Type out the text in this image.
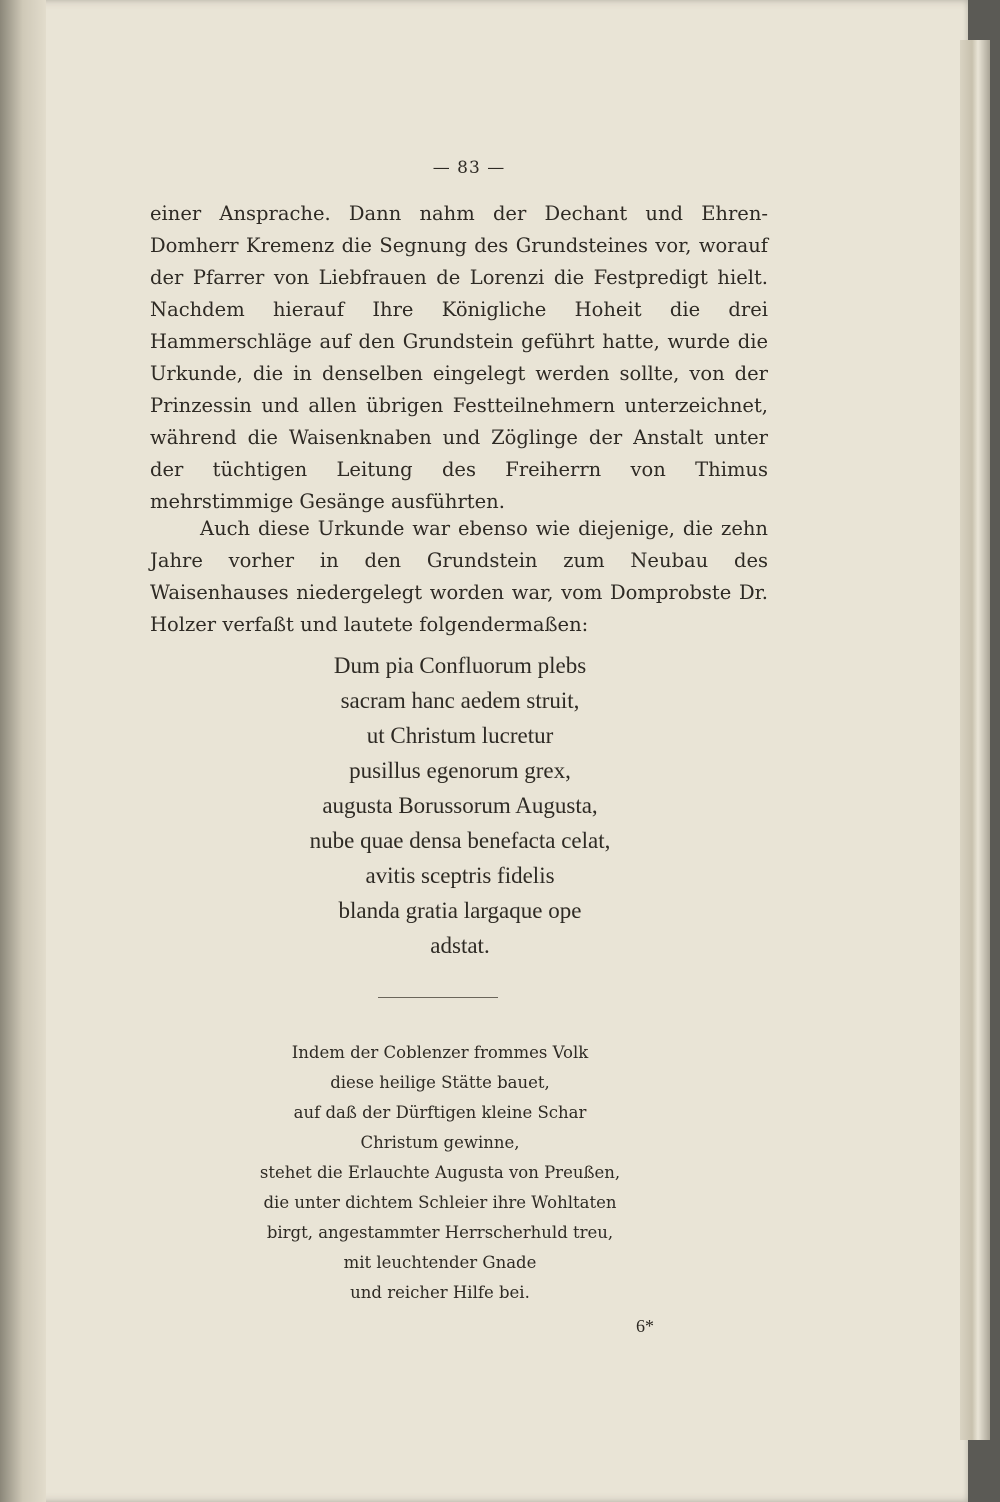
— 83 —

einer Ansprache. Dann nahm der Dechant und Ehren-Domherr Kremenz die Segnung des Grundsteines vor, worauf der Pfarrer von Liebfrauen de Lorenzi die Festpredigt hielt. Nachdem hierauf Ihre Königliche Hoheit die drei Hammerschläge auf den Grundstein geführt hatte, wurde die Urkunde, die in denselben eingelegt werden sollte, von der Prinzessin und allen übrigen Festteilnehmern unterzeichnet, während die Waisenknaben und Zöglinge der Anstalt unter der tüchtigen Leitung des Freiherrn von Thimus mehrstimmige Gesänge ausführten.

Auch diese Urkunde war ebenso wie diejenige, die zehn Jahre vorher in den Grundstein zum Neubau des Waisenhauses niedergelegt worden war, vom Domprobste Dr. Holzer verfaßt und lautete folgendermaßen:

Dum pia Confluorum plebs
sacram hanc aedem struit,
ut Christum lucretur
pusillus egenorum grex,
augusta Borussorum Augusta,
nube quae densa benefacta celat,
avitis sceptris fidelis
blanda gratia largaque ope
adstat.
Indem der Coblenzer frommes Volk
diese heilige Stätte bauet,
auf daß der Dürftigen kleine Schar
Christum gewinne,
stehet die Erlauchte Augusta von Preußen,
die unter dichtem Schleier ihre Wohltaten
birgt, angestammter Herrscherhuld treu,
mit leuchtender Gnade
und reicher Hilfe bei.
6*
